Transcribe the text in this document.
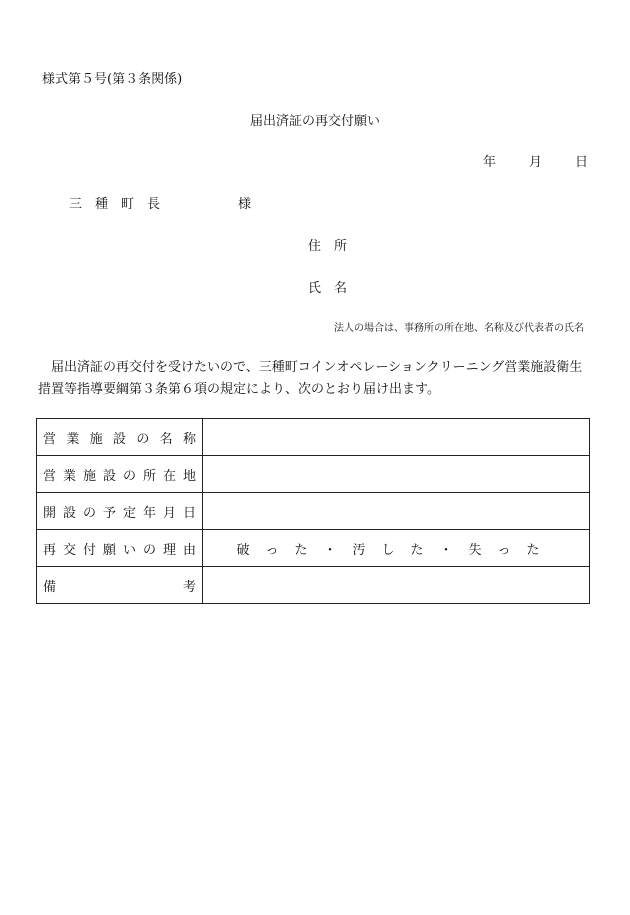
様式第５号(第３条関係)
届出済証の再交付願い
年	月	日
三　種　町　長　　　　　　様
住　所
氏　名
法人の場合は、事務所の所在地、名称及び代表者の氏名
　届出済証の再交付を受けたいので、三種町コインオペレーションクリーニング営業施設衛生措置等指導要綱第３条第６項の規定により、次のとおり届け出ます。
営業施設の名称	
営業施設の所在地	
開設の予定年月日	
再交付願いの理由	破った・汚した・失った
備　　　考	
